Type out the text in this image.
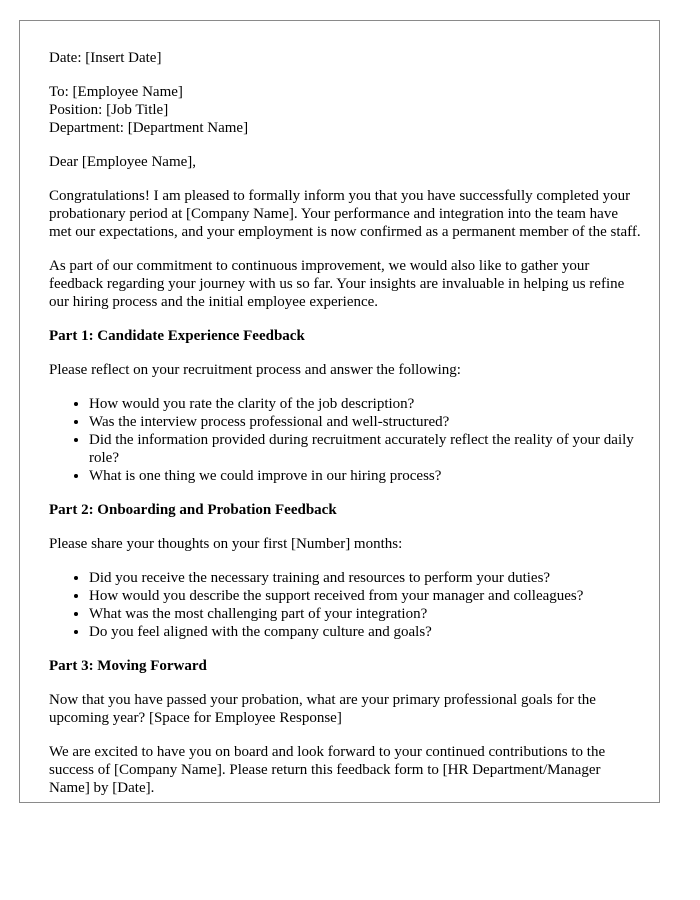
Date: [Insert Date]

To: [Employee Name]
Position: [Job Title]
Department: [Department Name]

Dear [Employee Name],

Congratulations! I am pleased to formally inform you that you have successfully completed your probationary period at [Company Name]. Your performance and integration into the team have met our expectations, and your employment is now confirmed as a permanent member of the staff.

As part of our commitment to continuous improvement, we would also like to gather your feedback regarding your journey with us so far. Your insights are invaluable in helping us refine our hiring process and the initial employee experience.

Part 1: Candidate Experience Feedback

Please reflect on your recruitment process and answer the following:

• How would you rate the clarity of the job description?
• Was the interview process professional and well-structured?
• Did the information provided during recruitment accurately reflect the reality of your daily role?
• What is one thing we could improve in our hiring process?
Part 2: Onboarding and Probation Feedback

Please share your thoughts on your first [Number] months:

• Did you receive the necessary training and resources to perform your duties?
• How would you describe the support received from your manager and colleagues?
• What was the most challenging part of your integration?
• Do you feel aligned with the company culture and goals?
Part 3: Moving Forward

Now that you have passed your probation, what are your primary professional goals for the upcoming year? [Space for Employee Response]

We are excited to have you on board and look forward to your continued contributions to the success of [Company Name]. Please return this feedback form to [HR Department/Manager Name] by [Date].
